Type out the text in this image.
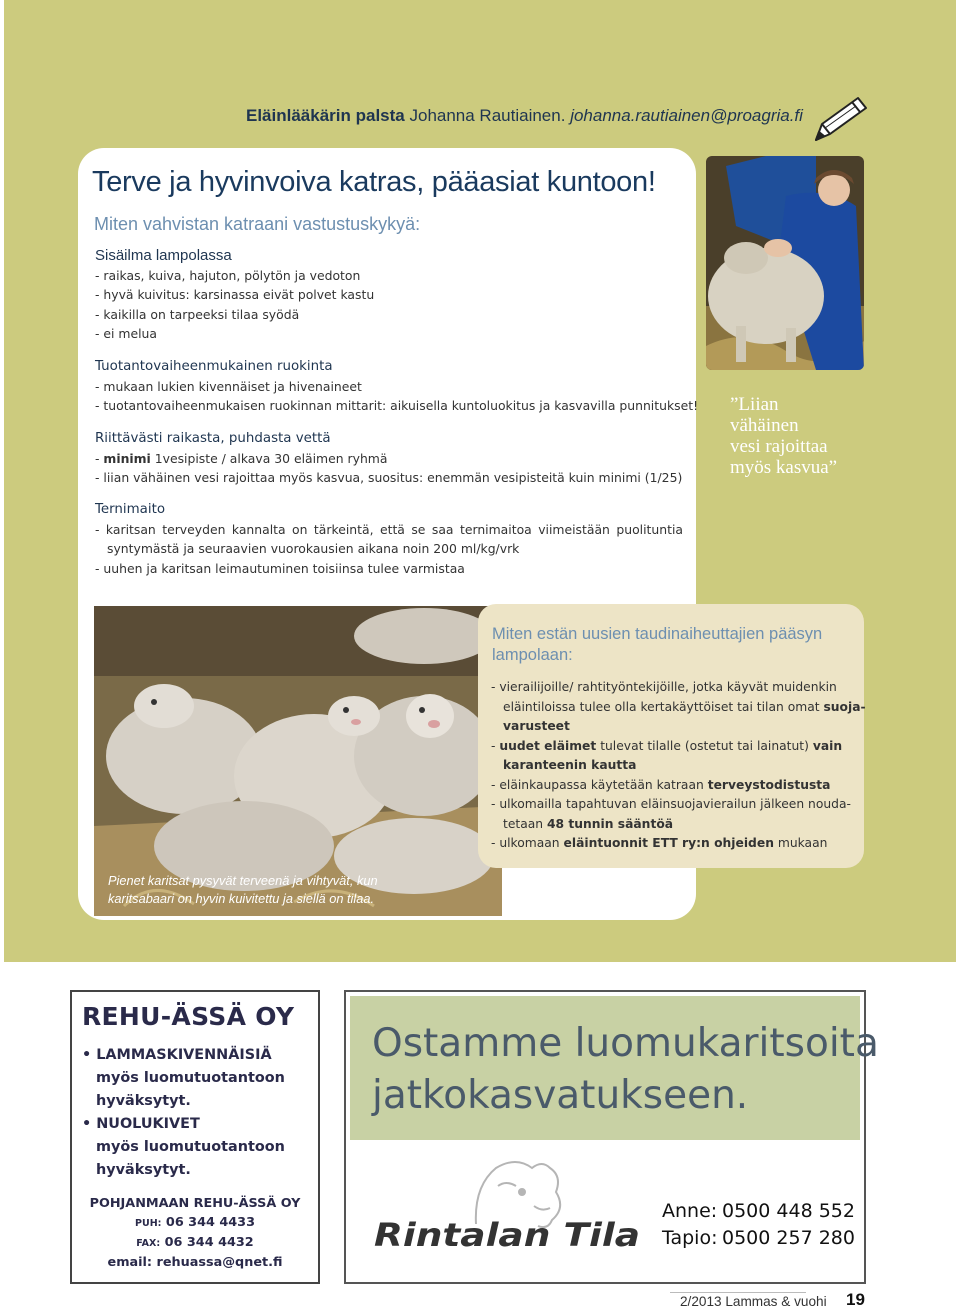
Eläinlääkärin palsta Johanna Rautiainen. johanna.rautiainen@proagria.fi
Terve ja hyvinvoiva katras, pääasiat kuntoon!
Miten vahvistan katraani vastustuskykyä:

Sisäilma lampolassa

- raikas, kuiva, hajuton, pölytön ja vedoton

- hyvä kuivitus: karsinassa eivät polvet kastu

- kaikilla on tarpeeksi tilaa syödä

- ei melua

Tuotantovaiheenmukainen ruokinta

- mukaan lukien kivennäiset ja hivenaineet

- tuotantovaiheenmukaisen ruokinnan mittarit: aikuisella kuntoluokitus ja kasvavilla punnitukset!

Riittävästi raikasta, puhdasta vettä

- minimi 1vesipiste / alkava 30 eläimen ryhmä

- liian vähäinen vesi rajoittaa myös kasvua, suositus: enemmän vesipisteitä kuin minimi (1/25)

Ternimaito

- karitsan terveyden kannalta on tärkeintä, että se saa ternimaitoa viimeistään puolituntia

syntymästä ja seuraavien vuorokausien aikana noin 200 ml/kg/vrk

- uuhen ja karitsan leimautuminen toisiinsa tulee varmistaa

”Liian
vähäinen
vesi rajoittaa
myös kasvua”
Pienet karitsat pysyvät terveenä ja vihtyvät, kun
karitsabaari on hyvin kuivitettu ja siellä on tilaa.
Miten estän uusien taudinaiheuttajien pääsyn lampolaan:

- vierailijoille/ rahtityöntekijöille, jotka käyvät muidenkin

eläintiloissa tulee olla kertakäyttöiset tai tilan omat suoja-

varusteet

- uudet eläimet tulevat tilalle (ostetut tai lainatut) vain

karanteenin kautta

- eläinkaupassa käytetään katraan terveystodistusta

- ulkomailla tapahtuvan eläinsuojavierailun jälkeen nouda-

tetaan 48 tunnin sääntöä

- ulkomaan eläintuonnit ETT ry:n ohjeiden mukaan

REHU-ÄSSÄ OY
• LAMMASKIVENNÄISIÄ
myös luomutuotantoon
hyväksytyt.
• NUOLUKIVET
myös luomutuotantoon
hyväksytyt.
POHJANMAAN REHU-ÄSSÄ OY
PUH: 06 344 4433
FAX: 06 344 4432
email: rehuassa@qnet.fi
Ostamme luomukaritsoita
jatkokasvatukseen.
Rintalan Tila
Anne: 0500 448 552
Tapio: 0500 257 280
2/2013 Lammas & vuohi 19
